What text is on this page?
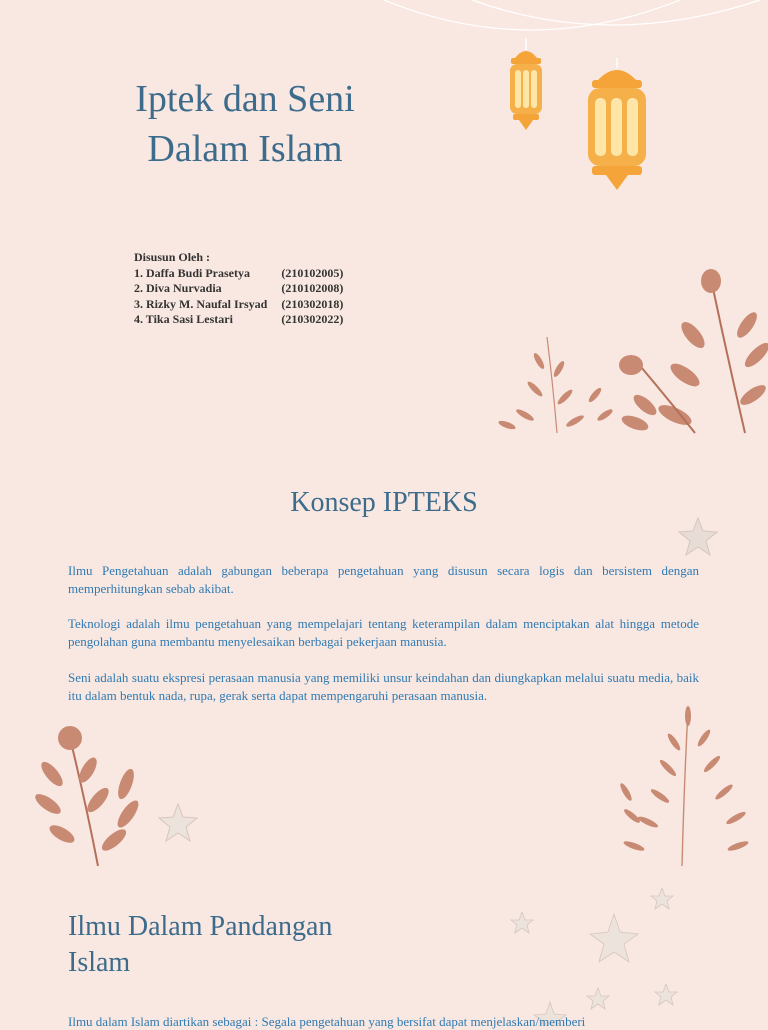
Iptek dan Seni
Dalam Islam
Disusun Oleh :
1. Daffa Budi Prasetya	(210102005)
2. Diva Nurvadia	(210102008)
3. Rizky M. Naufal Irsyad	(210302018)
4. Tika Sasi Lestari	(210302022)
Konsep IPTEKS

Ilmu Pengetahuan adalah gabungan beberapa pengetahuan yang disusun secara logis dan bersistem dengan memperhitungkan sebab akibat.

Teknologi adalah ilmu pengetahuan yang mempelajari tentang keterampilan dalam menciptakan alat hingga metode pengolahan guna membantu menyelesaikan berbagai pekerjaan manusia.

Seni adalah suatu ekspresi perasaan manusia yang memiliki unsur keindahan dan diungkapkan melalui suatu media, baik itu dalam bentuk nada, rupa, gerak serta dapat mempengaruhi perasaan manusia.

Ilmu Dalam Pandangan
Islam
Ilmu dalam Islam diartikan sebagai : Segala pengetahuan yang bersifat dapat menjelaskan/memberi
